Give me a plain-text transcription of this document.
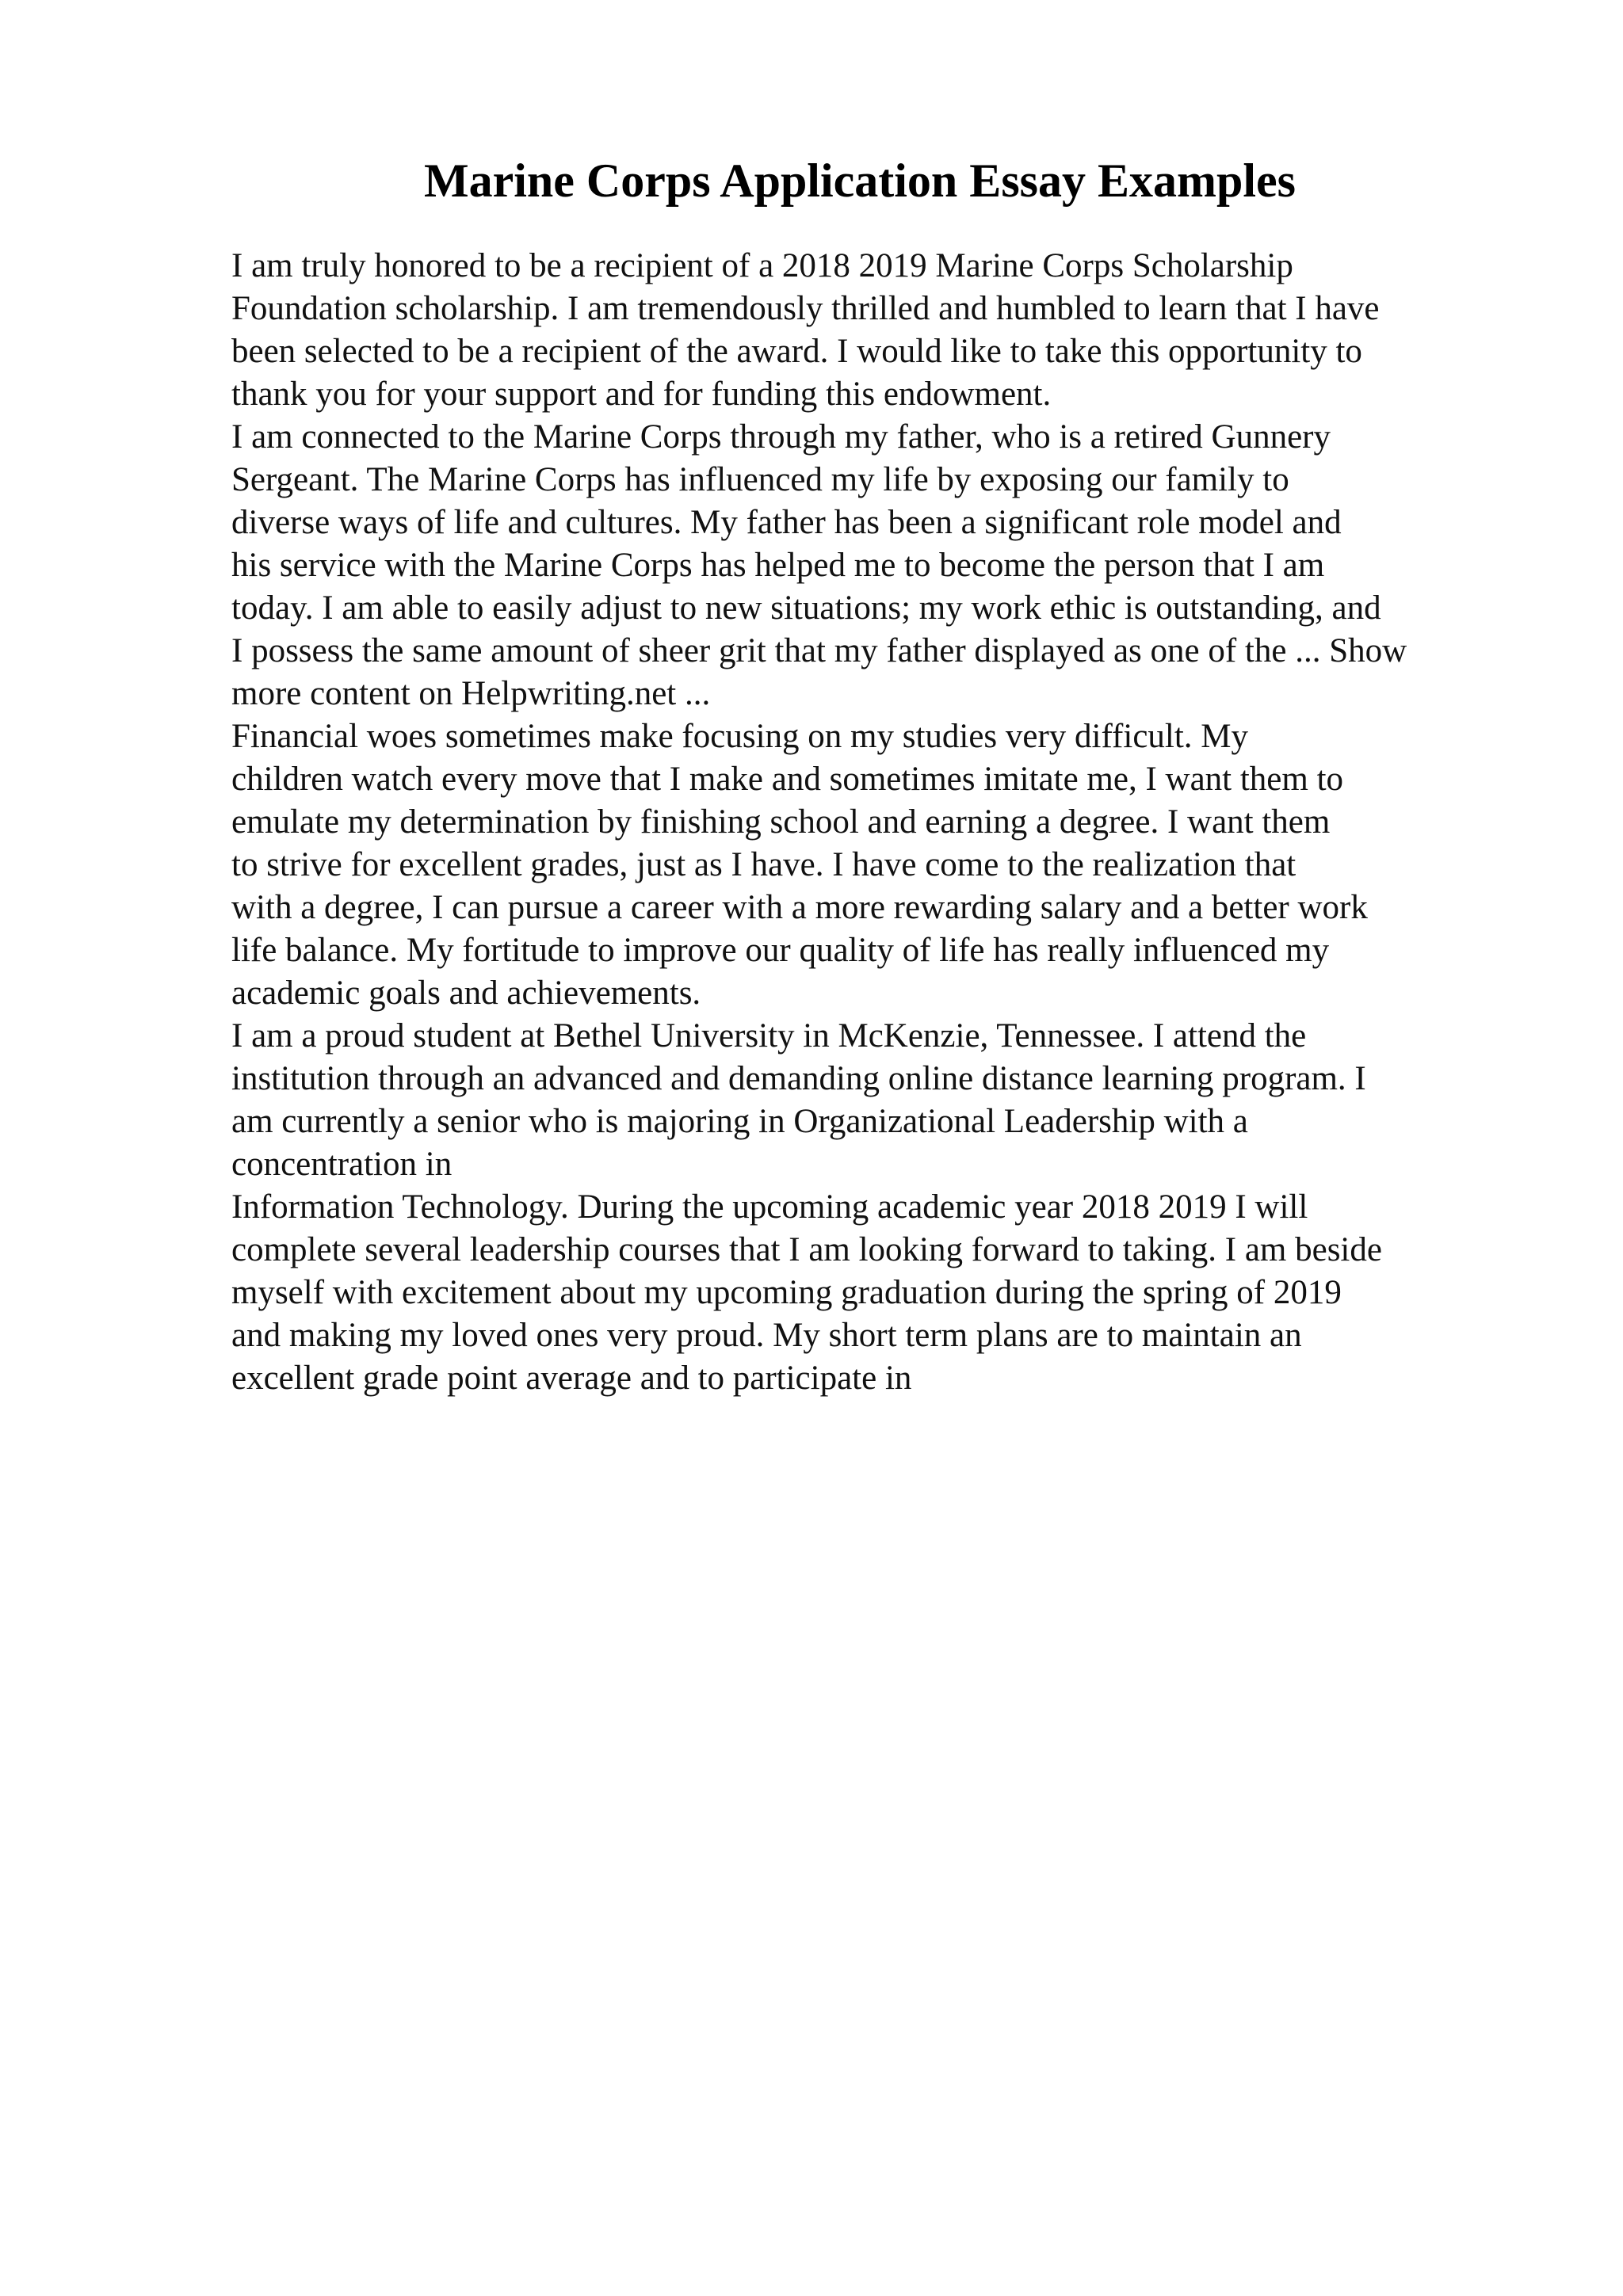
Marine Corps Application Essay Examples
I am truly honored to be a recipient of a 2018 2019 Marine Corps Scholarship
Foundation scholarship. I am tremendously thrilled and humbled to learn that I have
been selected to be a recipient of the award. I would like to take this opportunity to
thank you for your support and for funding this endowment.
I am connected to the Marine Corps through my father, who is a retired Gunnery
Sergeant. The Marine Corps has influenced my life by exposing our family to
diverse ways of life and cultures. My father has been a significant role model and
his service with the Marine Corps has helped me to become the person that I am
today. I am able to easily adjust to new situations; my work ethic is outstanding, and
I possess the same amount of sheer grit that my father displayed as one of the ... Show
more content on Helpwriting.net ...
Financial woes sometimes make focusing on my studies very difficult. My
children watch every move that I make and sometimes imitate me, I want them to
emulate my determination by finishing school and earning a degree. I want them
to strive for excellent grades, just as I have. I have come to the realization that
with a degree, I can pursue a career with a more rewarding salary and a better work
life balance. My fortitude to improve our quality of life has really influenced my
academic goals and achievements.
I am a proud student at Bethel University in McKenzie, Tennessee. I attend the
institution through an advanced and demanding online distance learning program. I
am currently a senior who is majoring in Organizational Leadership with a
concentration in
Information Technology. During the upcoming academic year 2018 2019 I will
complete several leadership courses that I am looking forward to taking. I am beside
myself with excitement about my upcoming graduation during the spring of 2019
and making my loved ones very proud. My short term plans are to maintain an
excellent grade point average and to participate in
